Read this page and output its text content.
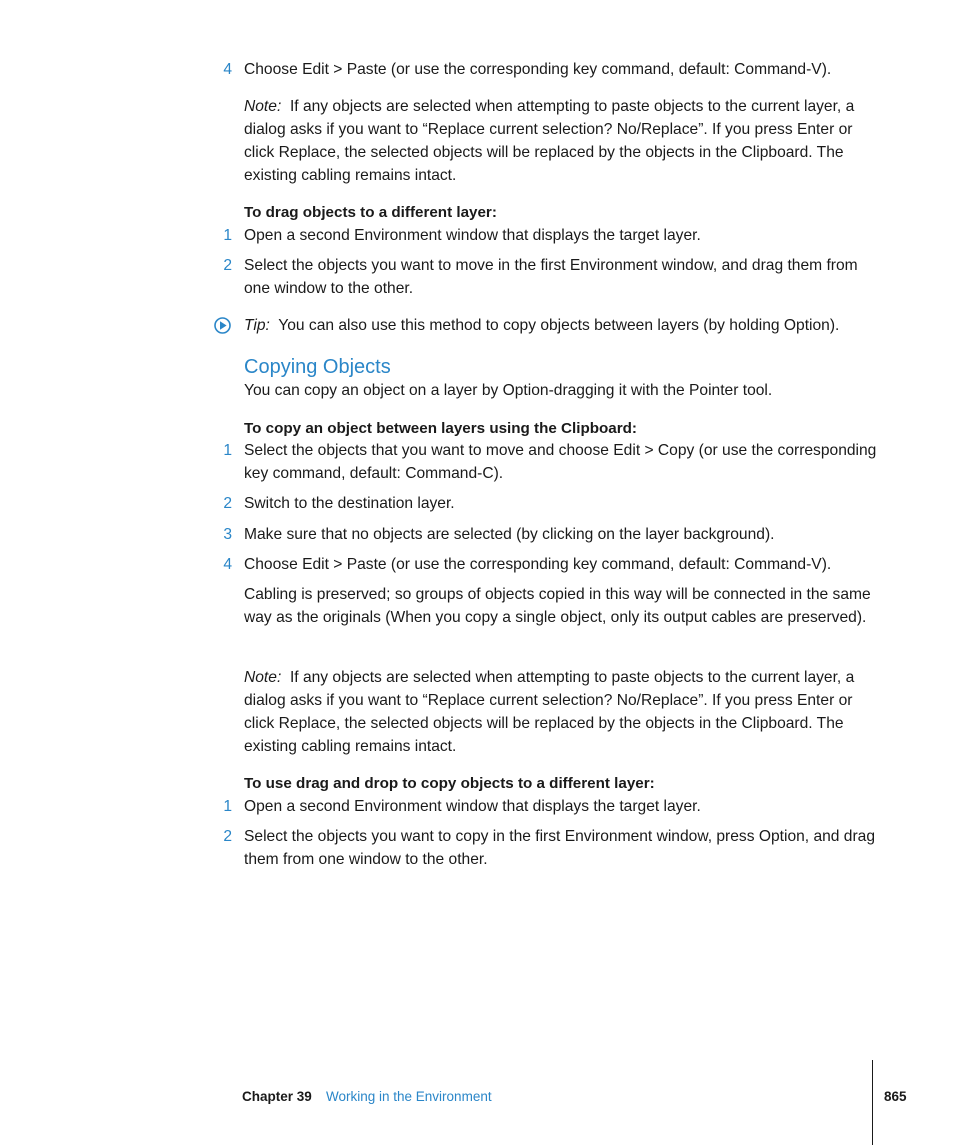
4 Choose Edit > Paste (or use the corresponding key command, default: Command-V).
Note: If any objects are selected when attempting to paste objects to the current layer, a dialog asks if you want to “Replace current selection? No/Replace”. If you press Enter or click Replace, the selected objects will be replaced by the objects in the Clipboard. The existing cabling remains intact.
To drag objects to a different layer:
1 Open a second Environment window that displays the target layer.
2 Select the objects you want to move in the first Environment window, and drag them from one window to the other.
Tip: You can also use this method to copy objects between layers (by holding Option).
Copying Objects
You can copy an object on a layer by Option-dragging it with the Pointer tool.
To copy an object between layers using the Clipboard:
1 Select the objects that you want to move and choose Edit > Copy (or use the corresponding key command, default: Command-C).
2 Switch to the destination layer.
3 Make sure that no objects are selected (by clicking on the layer background).
4 Choose Edit > Paste (or use the corresponding key command, default: Command-V).
Cabling is preserved; so groups of objects copied in this way will be connected in the same way as the originals (When you copy a single object, only its output cables are preserved).
Note: If any objects are selected when attempting to paste objects to the current layer, a dialog asks if you want to “Replace current selection? No/Replace”. If you press Enter or click Replace, the selected objects will be replaced by the objects in the Clipboard. The existing cabling remains intact.
To use drag and drop to copy objects to a different layer:
1 Open a second Environment window that displays the target layer.
2 Select the objects you want to copy in the first Environment window, press Option, and drag them from one window to the other.
Chapter 39 Working in the Environment	865
